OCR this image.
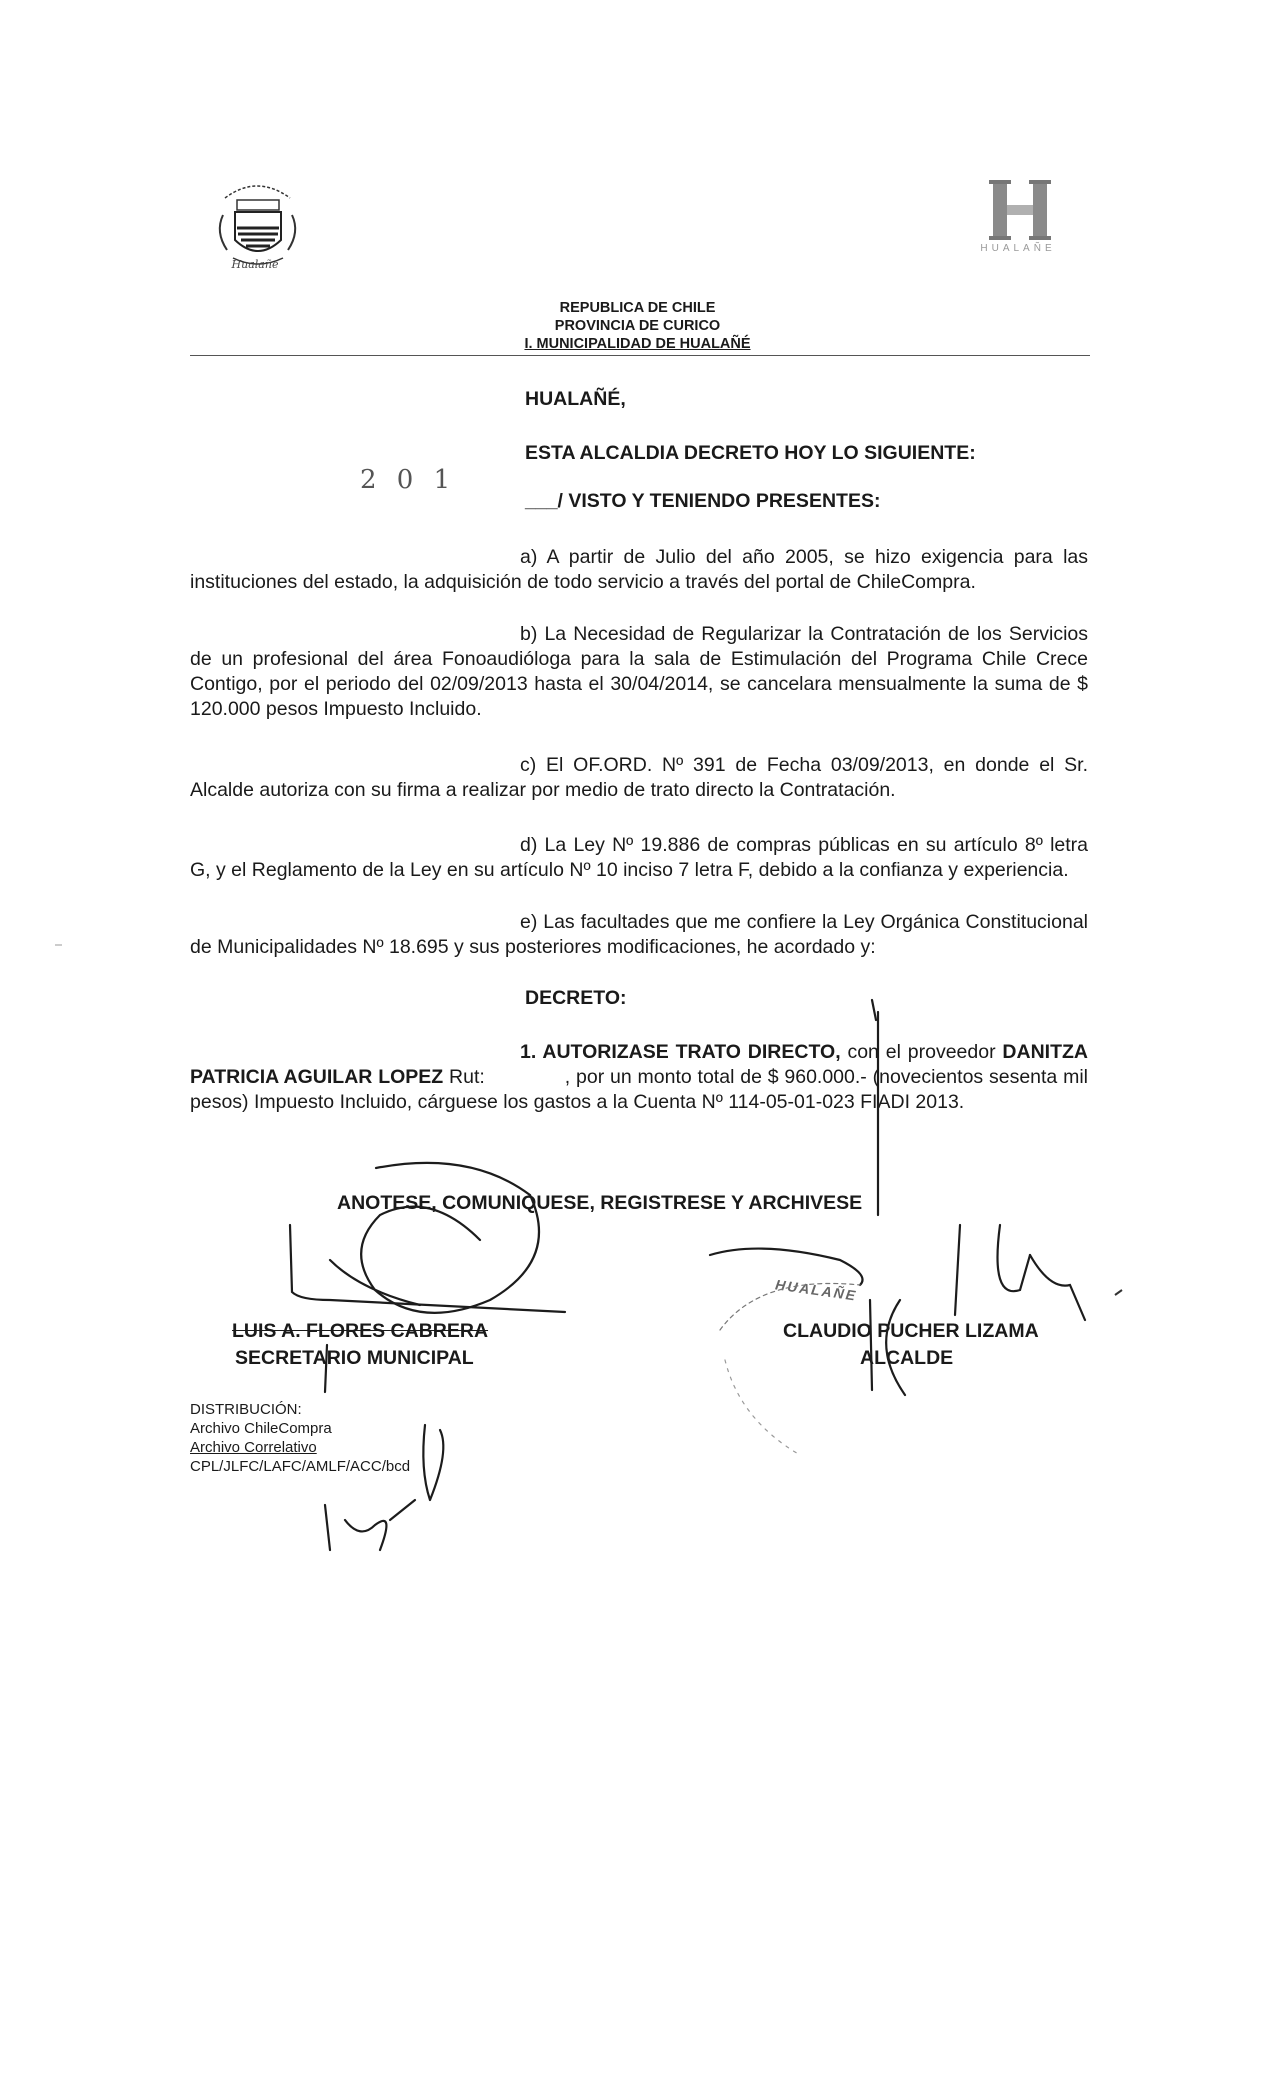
Hualañe
HUALAÑE
REPUBLICA DE CHILE
PROVINCIA DE CURICO
I. MUNICIPALIDAD DE HUALAÑÉ
HUALAÑÉ,
ESTA ALCALDIA DECRETO HOY LO SIGUIENTE:
2 0 1
___/ VISTO Y TENIENDO PRESENTES:
a) A partir de Julio del año 2005, se hizo exigencia para las instituciones del estado, la adquisición de todo servicio a través del portal de ChileCompra.
b) La Necesidad de Regularizar la Contratación de los Servicios de un profesional del área Fonoaudióloga para la sala de Estimulación del Programa Chile Crece Contigo, por el periodo del 02/09/2013 hasta el 30/04/2014, se cancelara mensualmente la suma de $ 120.000 pesos Impuesto Incluido.
c) El OF.ORD. Nº 391 de Fecha 03/09/2013, en donde el Sr. Alcalde autoriza con su firma a realizar por medio de trato directo la Contratación.
d) La Ley Nº 19.886 de compras públicas en su artículo 8º letra G, y el Reglamento de la Ley en su artículo Nº 10 inciso 7 letra F, debido a la confianza y experiencia.
e) Las facultades que me confiere la Ley Orgánica Constitucional de Municipalidades Nº 18.695 y sus posteriores modificaciones, he acordado y:
DECRETO:
1. AUTORIZASE TRATO DIRECTO, con el proveedor DANITZA PATRICIA AGUILAR LOPEZ Rut:	, por un monto total de $ 960.000.- (novecientos sesenta mil pesos) Impuesto Incluido, cárguese los gastos a la Cuenta Nº 114-05-01-023 FIADI 2013.
ANOTESE, COMUNIQUESE, REGISTRESE Y ARCHIVESE
LUIS A. FLORES CABRERA
SECRETARIO MUNICIPAL
CLAUDIO PUCHER LIZAMA
ALCALDE
HUALAÑE
DISTRIBUCIÓN:
Archivo ChileCompra
Archivo Correlativo
CPL/JLFC/LAFC/AMLF/ACC/bcd
